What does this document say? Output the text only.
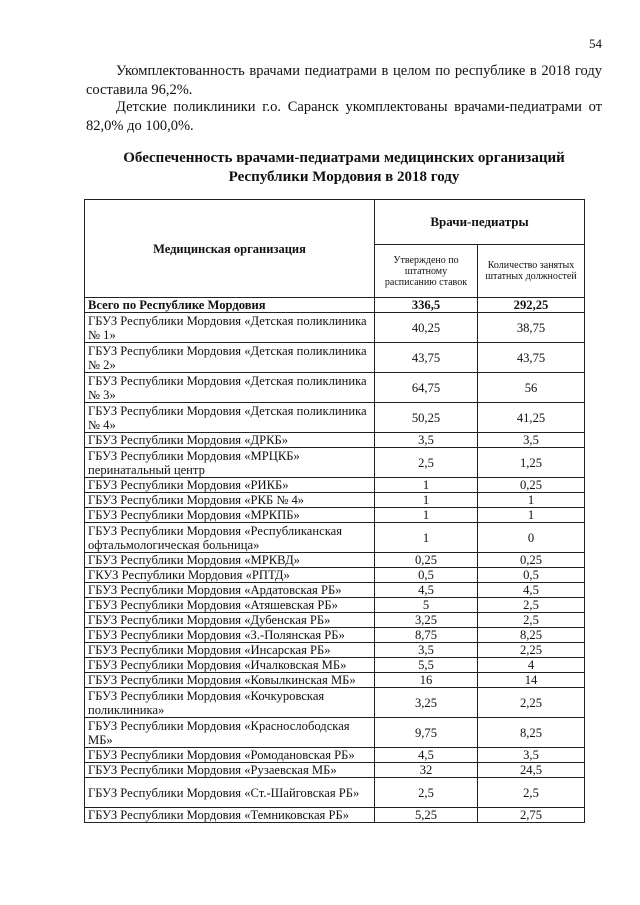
54

Укомплектованность врачами педиатрами в целом по республике в 2018 году составила 96,2%.

Детские поликлиники г.о. Саранск укомплектованы врачами-педиатрами от 82,0% до 100,0%.

Обеспеченность врачами-педиатрами медицинских организаций
Республики Мордовия в 2018 году
Медицинская организация	Врачи-педиатры	
	Утверждено по штатному расписанию ставок	Количество занятых штатных должностей
Всего по Республике Мордовия	336,5	292,25
ГБУЗ Республики Мордовия «Детская поликлиника № 1»	40,25	38,75
ГБУЗ Республики Мордовия «Детская поликлиника № 2»	43,75	43,75
ГБУЗ Республики Мордовия «Детская поликлиника № 3»	64,75	56
ГБУЗ Республики Мордовия «Детская поликлиника № 4»	50,25	41,25
ГБУЗ Республики Мордовия «ДРКБ»	3,5	3,5
ГБУЗ Республики Мордовия «МРЦКБ» перинатальный центр	2,5	1,25
ГБУЗ Республики Мордовия «РИКБ»	1	0,25
ГБУЗ Республики Мордовия «РКБ № 4»	1	1
ГБУЗ Республики Мордовия «МРКПБ»	1	1
ГБУЗ Республики Мордовия «Республиканская офтальмологическая больница»	1	0
ГБУЗ Республики Мордовия «МРКВД»	0,25	0,25
ГКУЗ Республики Мордовия «РПТД»	0,5	0,5
ГБУЗ Республики Мордовия «Ардатовская РБ»	4,5	4,5
ГБУЗ Республики Мордовия «Атяшевская РБ»	5	2,5
ГБУЗ Республики Мордовия «Дубенская РБ»	3,25	2,5
ГБУЗ Республики Мордовия «З.-Полянская РБ»	8,75	8,25
ГБУЗ Республики Мордовия «Инсарская РБ»	3,5	2,25
ГБУЗ Республики Мордовия «Ичалковская МБ»	5,5	4
ГБУЗ Республики Мордовия «Ковылкинская МБ»	16	14
ГБУЗ Республики Мордовия «Кочкуровская поликлиника»	3,25	2,25
ГБУЗ Республики Мордовия «Краснослободская МБ»	9,75	8,25
ГБУЗ Республики Мордовия «Ромодановская РБ»	4,5	3,5
ГБУЗ Республики Мордовия «Рузаевская МБ»	32	24,5
ГБУЗ Республики Мордовия «Ст.-Шайговская РБ»	2,5	2,5
ГБУЗ Республики Мордовия «Темниковская РБ»	5,25	2,75
